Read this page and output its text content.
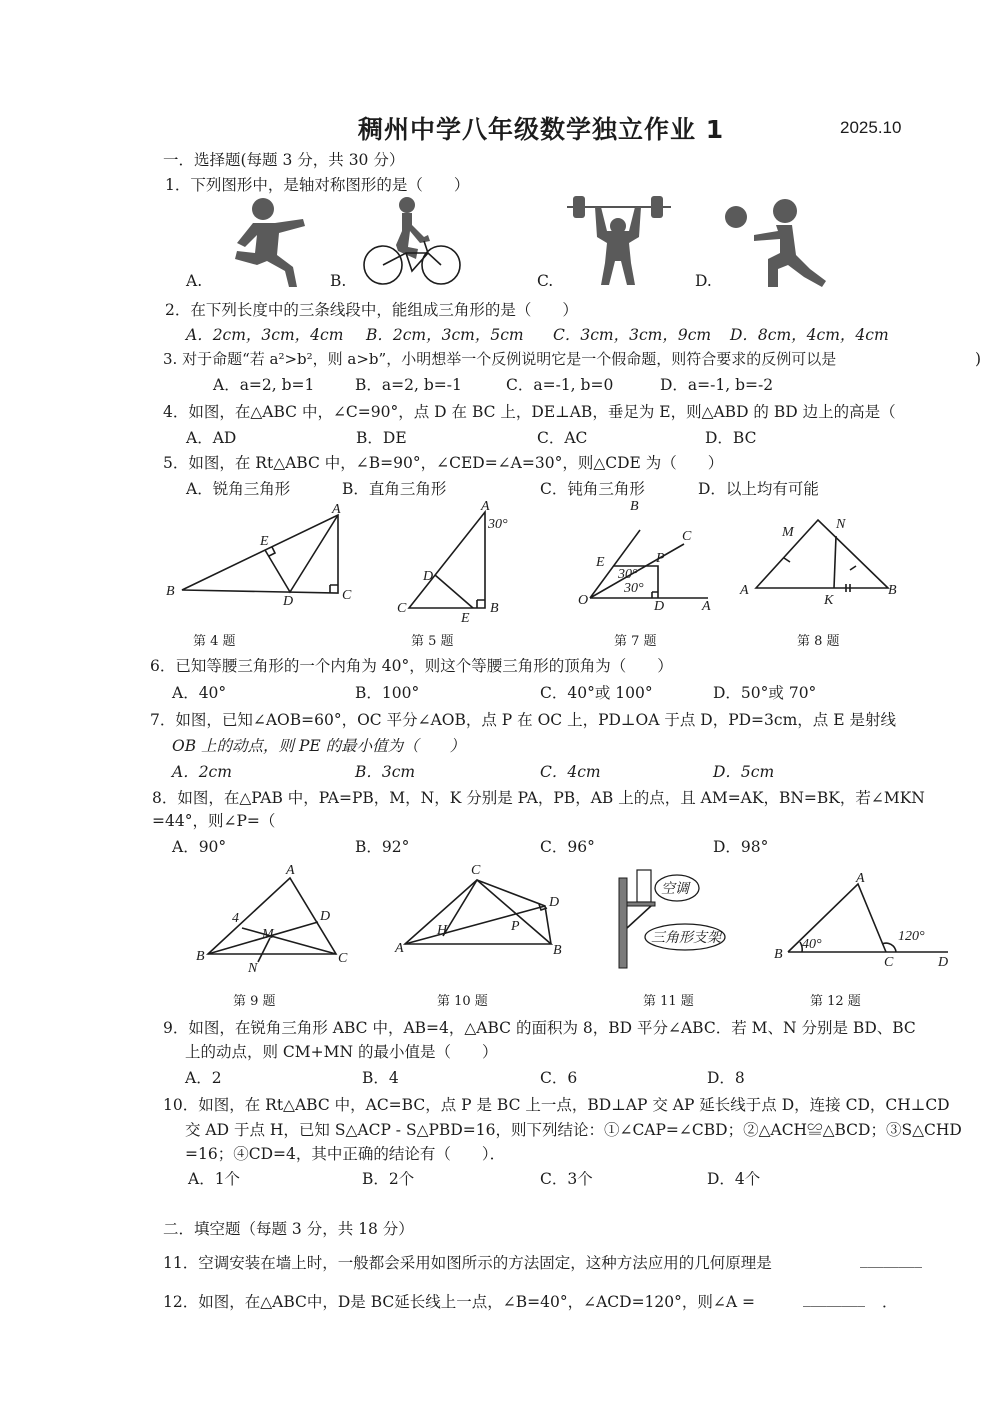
稠州中学八年级数学独立作业 1	2025.10
一．选择题(每题 3 分，共 30 分）
1．下列图形中，是轴对称图形的是（　　）
A.	B.	C.	D.
2．在下列长度中的三条线段中，能组成三角形的是（　　）
A．2cm，3cm，4cm B．2cm，3cm，5cm C．3cm，3cm，9cm D．8cm，4cm，4cm
3. 对于命题“若 a²>b²，则 a>b”，小明想举一个反例说明它是一个假命题，则符合要求的反例可以是	)
A．a=2, b=1	B．a=2, b=-1	C．a=-1, b=0	D．a=-1, b=-2
4．如图，在△ABC 中，∠C=90°，点 D 在 BC 上，DE⊥AB，垂足为 E，则△ABD 的 BD 边上的高是（
A．AD	B．DE	C．AC	D．BC
5．如图，在 Rt△ABC 中，∠B=90°，∠CED=∠A=30°，则△CDE 为（　　）
A．锐角三角形	B．直角三角形	C．钝角三角形	D．以上均有可能
A
B	C
D
E
第 4 题
A
B
C
D
E
30°
第 5 题
B
C
P
E
O	D	A
30°
30°
第 7 题
M
N
A	B
K
第 8 题
6．已知等腰三角形的一个内角为 40°，则这个等腰三角形的顶角为（　　）
A．40°	B．100°	C．40°或 100°	D．50°或 70°
7．如图，已知∠AOB=60°，OC 平分∠AOB，点 P 在 OC 上，PD⊥OA 于点 D，PD=3cm，点 E 是射线
OB 上的动点，则 PE 的最小值为（　　）
A．2cm	B．3cm	C．4cm	D．5cm
8．如图，在△PAB 中，PA=PB，M，N，K 分别是 PA，PB，AB 上的点，且 AM=AK，BN=BK，若∠MKN
=44°，则∠P=（
A．90°	B．92°	C．96°	D．98°
A
B	C
D
M
N
4
第 9 题
C
A	B
D
H	P
第 10 题
空调
三角形支架
第 11 题
A
B
C	D
40°
120°
第 12 题
9．如图，在锐角三角形 ABC 中，AB=4，△ABC 的面积为 8，BD 平分∠ABC．若 M、N 分别是 BD、BC
上的动点，则 CM+MN 的最小值是（　　）
A．2	B．4	C．6	D．8
10．如图，在 Rt△ABC 中，AC=BC，点 P 是 BC 上一点，BD⊥AP 交 AP 延长线于点 D，连接 CD，CH⊥CD
交 AD 于点 H，已知 S△ACP - S△PBD=16，则下列结论：①∠CAP=∠CBD；②△ACH≌△BCD；③S△CHD
=16；④CD=4，其中正确的结论有（　　）．
A．1个	B．2个	C．3个	D．4个
二．填空题（每题 3 分，共 18 分）
11．空调安装在墙上时，一般都会采用如图所示的方法固定，这种方法应用的几何原理是	________
12．如图，在△ABC中，D是 BC延长线上一点，∠B=40°，∠ACD=120°，则∠A =	________ ．
